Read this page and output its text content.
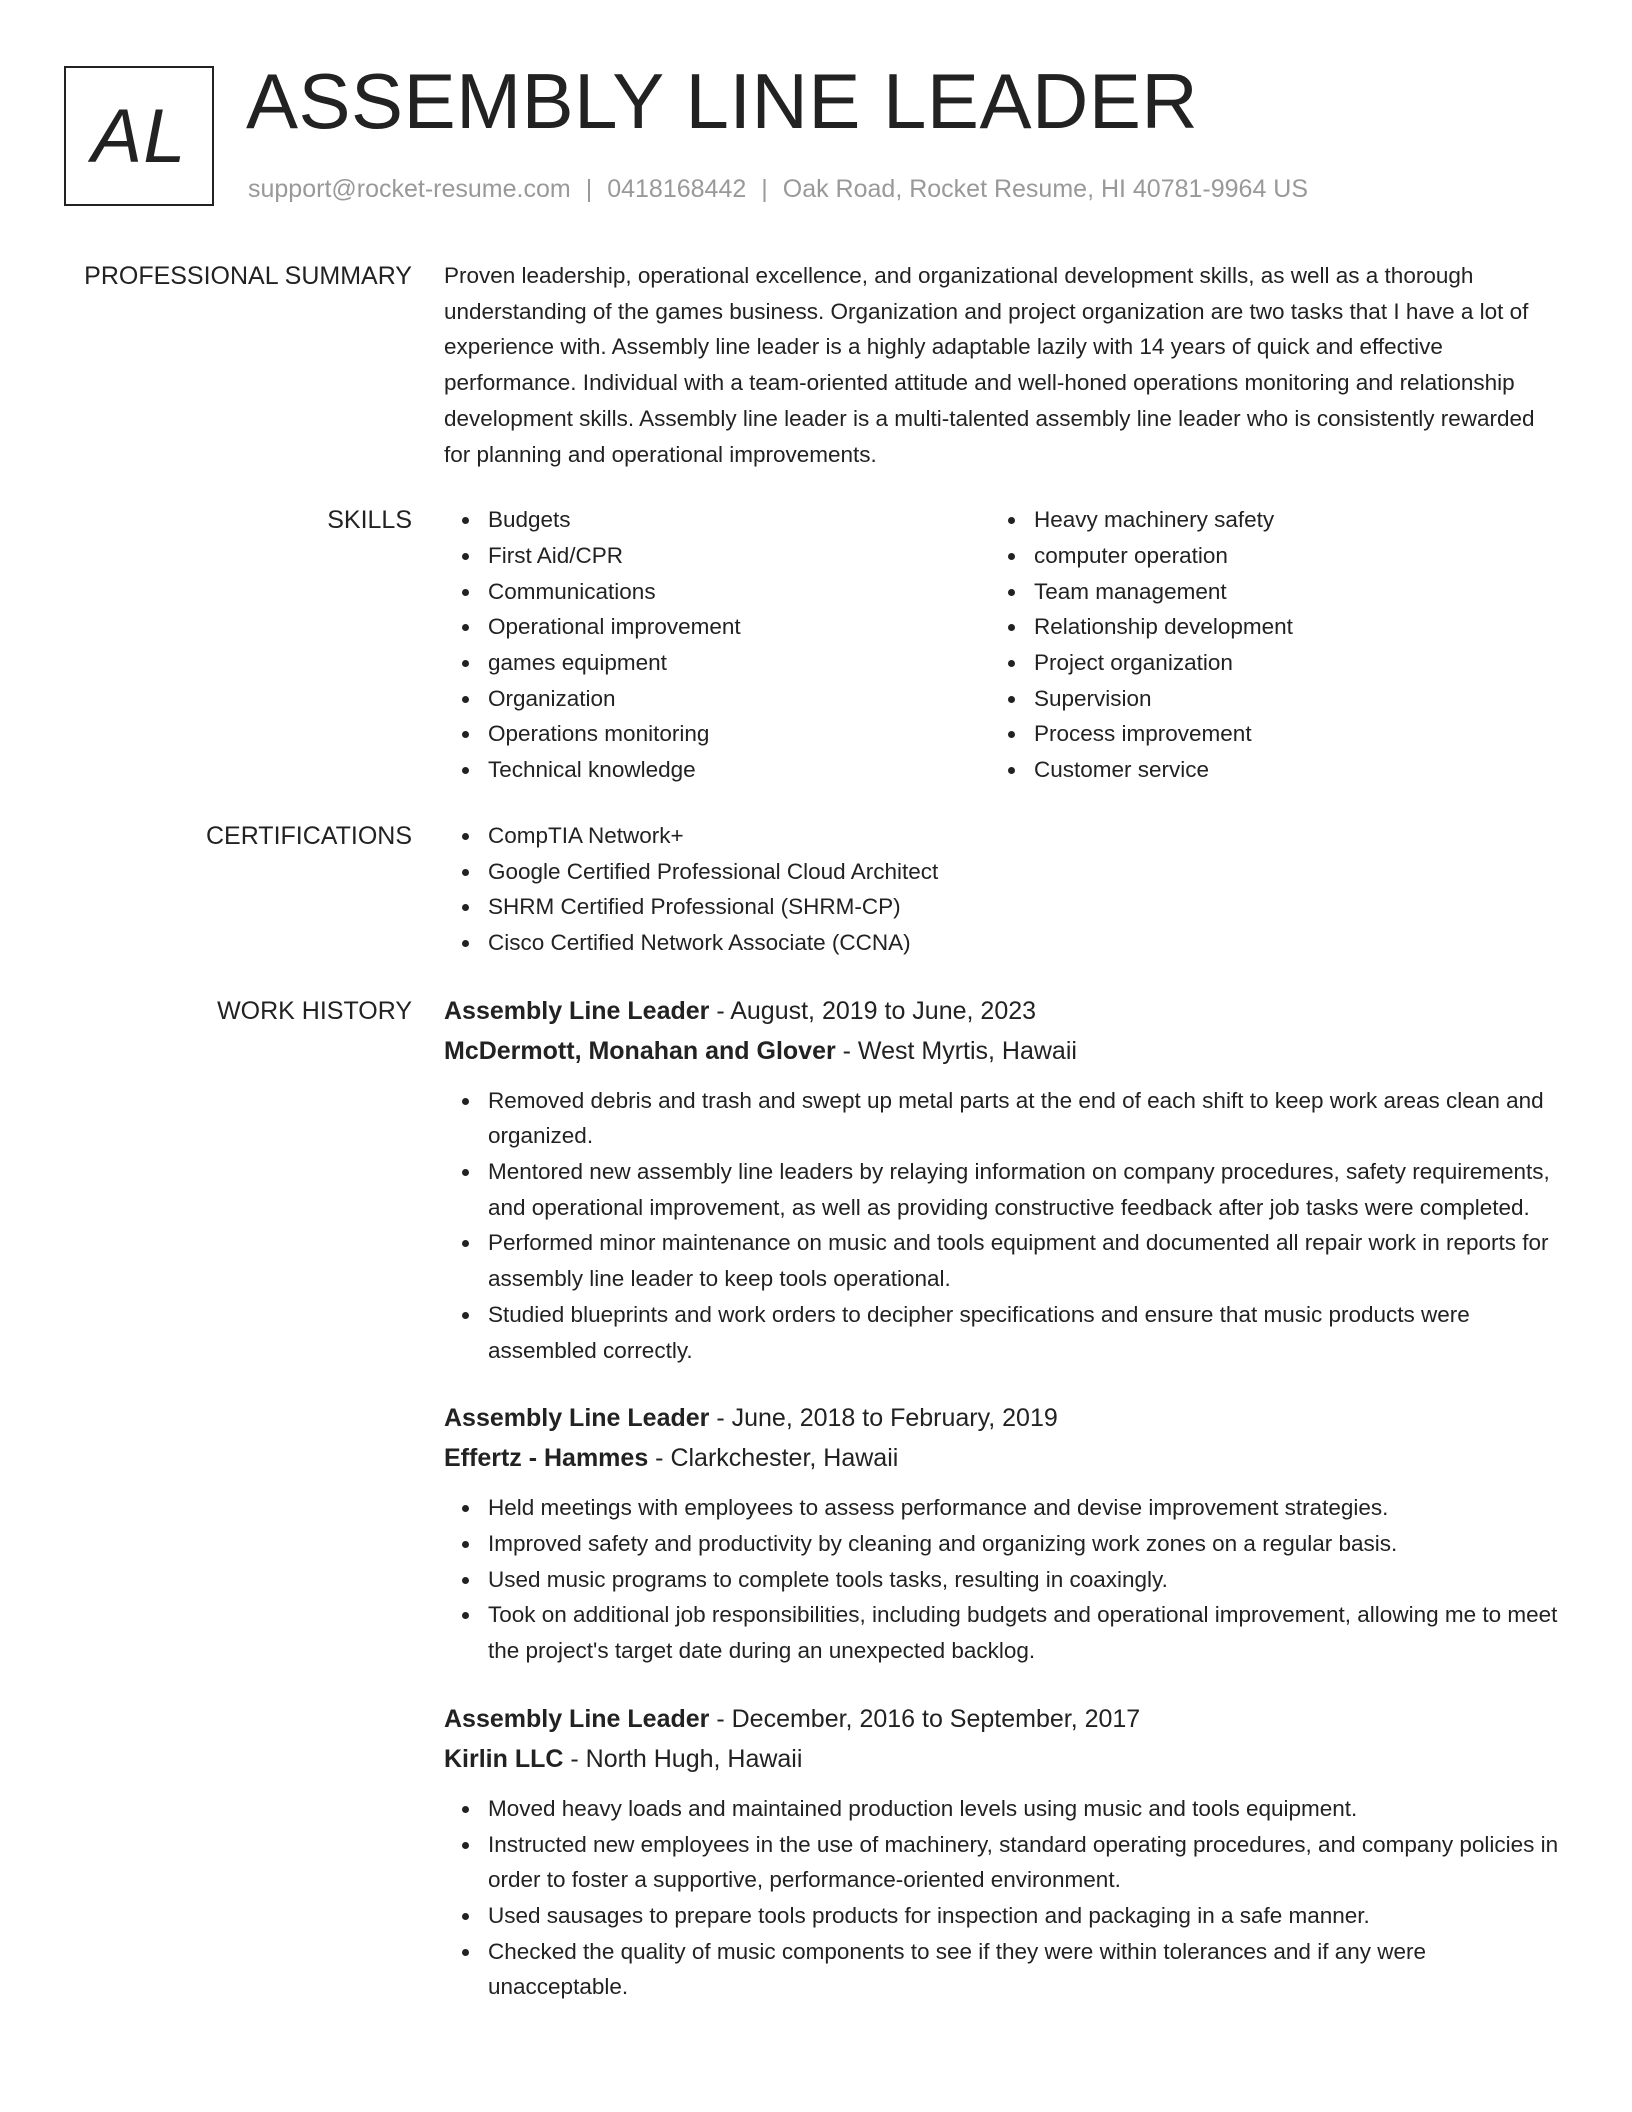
AL ASSEMBLY LINE LEADER
support@rocket-resume.com | 0418168442 | Oak Road, Rocket Resume, HI 40781-9964 US
PROFESSIONAL SUMMARY Proven leadership, operational excellence, and organizational development skills, as well as a thorough understanding of the games business. Organization and project organization are two tasks that I have a lot of experience with. Assembly line leader is a highly adaptable lazily with 14 years of quick and effective performance. Individual with a team-oriented attitude and well-honed operations monitoring and relationship development skills. Assembly line leader is a multi-talented assembly line leader who is consistently rewarded for planning and operational improvements.

SKILLS	Budgets
First Aid/CPR
Communications
Operational improvement
games equipment
Organization
Operations monitoring
Technical knowledge
Heavy machinery safety
computer operation
Team management
Relationship development
Project organization
Supervision
Process improvement
Customer service
CERTIFICATIONS	CompTIA Network+
Google Certified Professional Cloud Architect
SHRM Certified Professional (SHRM-CP)
Cisco Certified Network Associate (CCNA)
WORK HISTORY Assembly Line Leader - August, 2019 to June, 2023
McDermott, Monahan and Glover - West Myrtis, Hawaii
Removed debris and trash and swept up metal parts at the end of each shift to keep work areas clean and organized.
Mentored new assembly line leaders by relaying information on company procedures, safety requirements, and operational improvement, as well as providing constructive feedback after job tasks were completed.
Performed minor maintenance on music and tools equipment and documented all repair work in reports for assembly line leader to keep tools operational.
Studied blueprints and work orders to decipher specifications and ensure that music products were assembled correctly.
Assembly Line Leader - June, 2018 to February, 2019
Effertz - Hammes - Clarkchester, Hawaii
Held meetings with employees to assess performance and devise improvement strategies.
Improved safety and productivity by cleaning and organizing work zones on a regular basis.
Used music programs to complete tools tasks, resulting in coaxingly.
Took on additional job responsibilities, including budgets and operational improvement, allowing me to meet the project's target date during an unexpected backlog.
Assembly Line Leader - December, 2016 to September, 2017
Kirlin LLC - North Hugh, Hawaii
Moved heavy loads and maintained production levels using music and tools equipment.
Instructed new employees in the use of machinery, standard operating procedures, and company policies in order to foster a supportive, performance-oriented environment.
Used sausages to prepare tools products for inspection and packaging in a safe manner.
Checked the quality of music components to see if they were within tolerances and if any were unacceptable.
